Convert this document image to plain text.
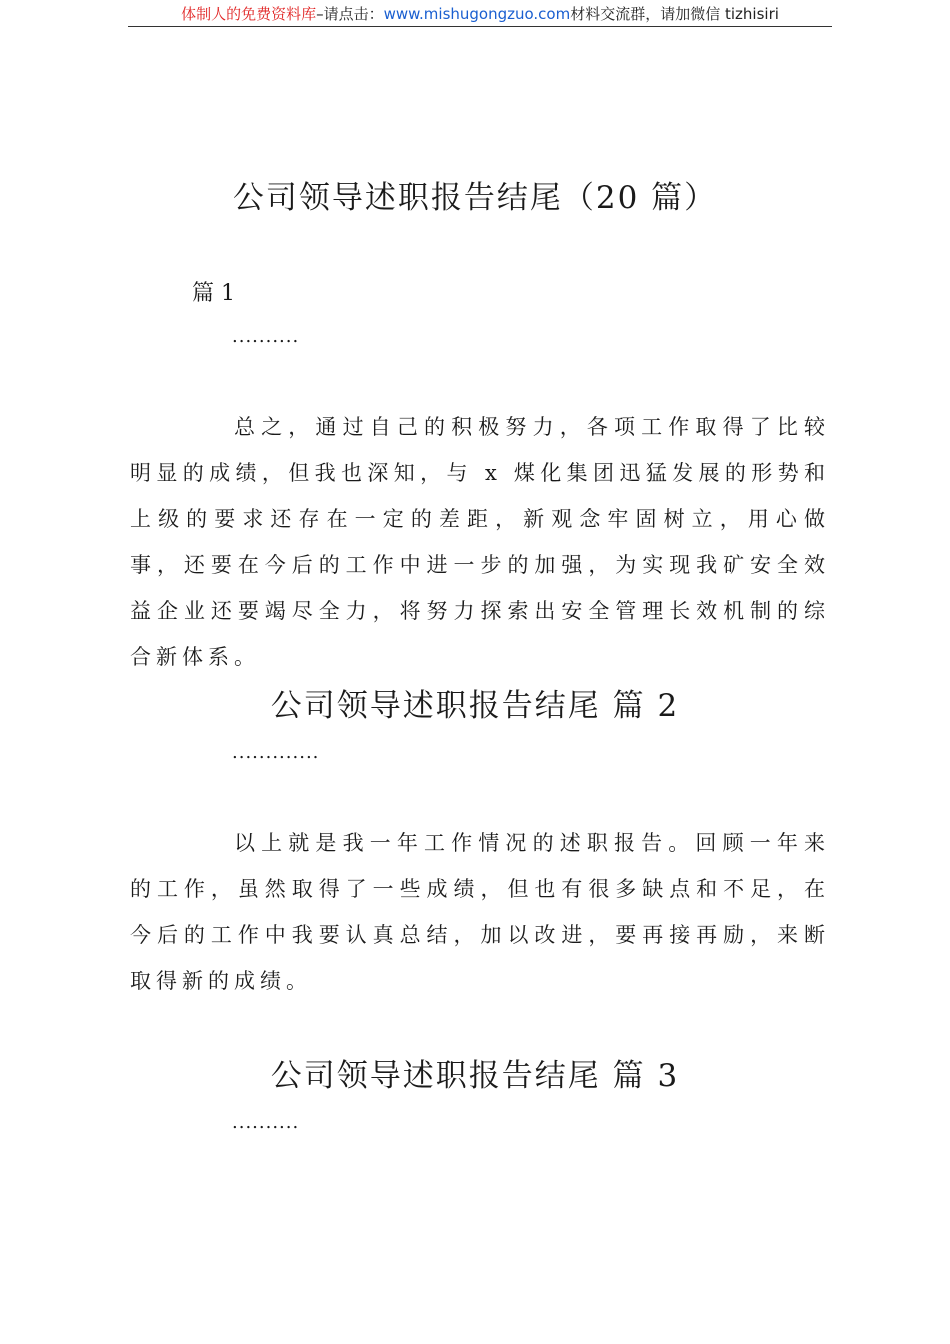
体制人的免费资料库–请点击：www.mishugongzuo.com材料交流群，请加微信 tizhisiri
公司领导述职报告结尾（20 篇）
篇 1
..........

总之，通过自己的积极努力，各项工作取得了比较明显的成绩，但我也深知，与 x 煤化集团迅猛发展的形势和上级的要求还存在一定的差距，新观念牢固树立，用心做事，还要在今后的工作中进一步的加强，为实现我矿安全效益企业还要竭尽全力，将努力探索出安全管理长效机制的综合新体系。

公司领导述职报告结尾 篇 2
.............

以上就是我一年工作情况的述职报告。回顾一年来的工作，虽然取得了一些成绩，但也有很多缺点和不足，在今后的工作中我要认真总结，加以改进，要再接再励，来断取得新的成绩。

公司领导述职报告结尾 篇 3
..........
